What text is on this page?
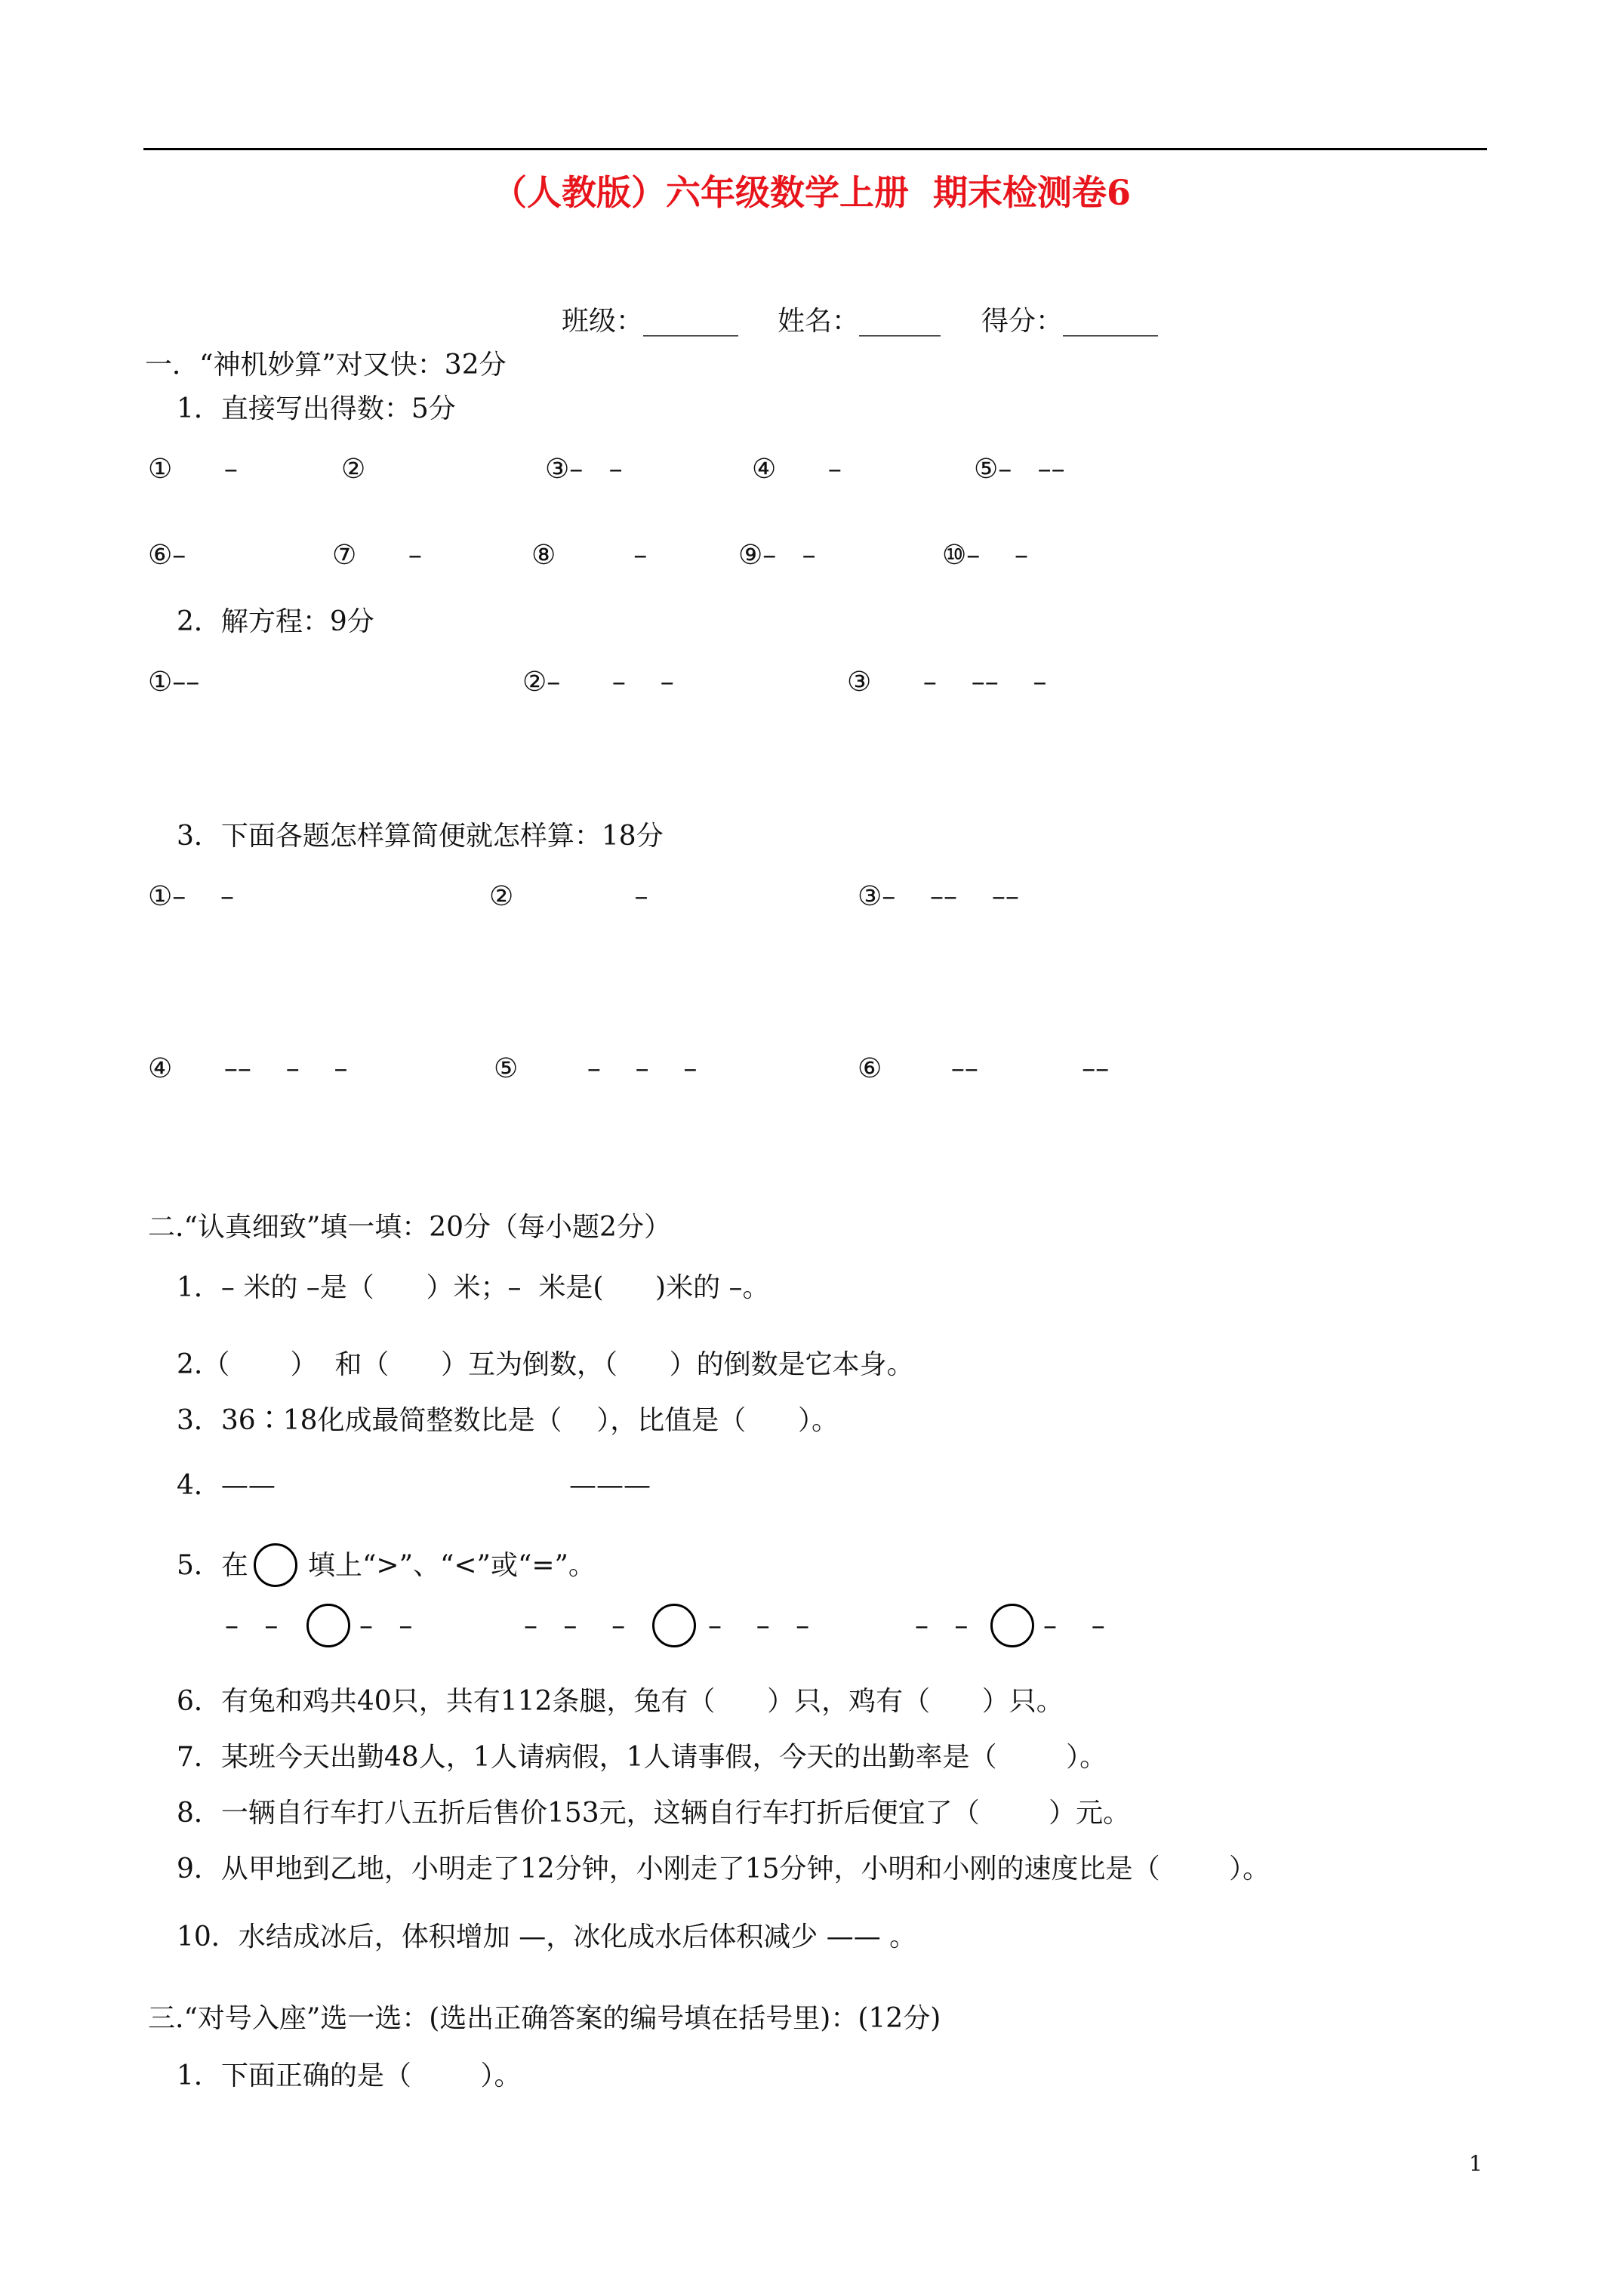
（人教版）六年级数学上册  期末检测卷6
班级：_______ 姓名：______ 得分：_______
一．“神机妙算”对又快：32分
1．直接写出得数：5分
①      –	②	③–   –	④      –	⑤–   ––
⑥–	⑦      –	⑧         –	⑨–   –	⑩–    –
2．解方程：9分
①––	②–      –    –	③      –    ––    –
3．下面各题怎样算简便就怎样算：18分
①–    –	②              –	③–    ––    ––
④      ––    –    –	⑤        –    –    –	⑥        ––            ––
二.“认真细致”填一填：20分（每小题2分）
1．– 米的 –是（      ）米；–  米是(      )米的 –。
2.（       ）  和（      ）互为倒数，（      ）的倒数是它本身。
3．36∶18化成最简整数比是（    ），比值是（      ）。
4．——	———
5．在 填上“>”、“<”或“=”。
–   –	–   –	–   –    –	–    –   –	–   –	–    –
6．有兔和鸡共40只，共有112条腿，兔有（      ）只，鸡有（      ）只。
7．某班今天出勤48人，1人请病假，1人请事假，今天的出勤率是（        ）。
8．一辆自行车打八五折后售价153元，这辆自行车打折后便宜了（        ）元。
9．从甲地到乙地，小明走了12分钟，小刚走了15分钟，小明和小刚的速度比是（        ）。
10．水结成冰后，体积增加 —，冰化成水后体积减少 —— 。
三.“对号入座”选一选：(选出正确答案的编号填在括号里)：(12分)
1．下面正确的是（        ）。
1
